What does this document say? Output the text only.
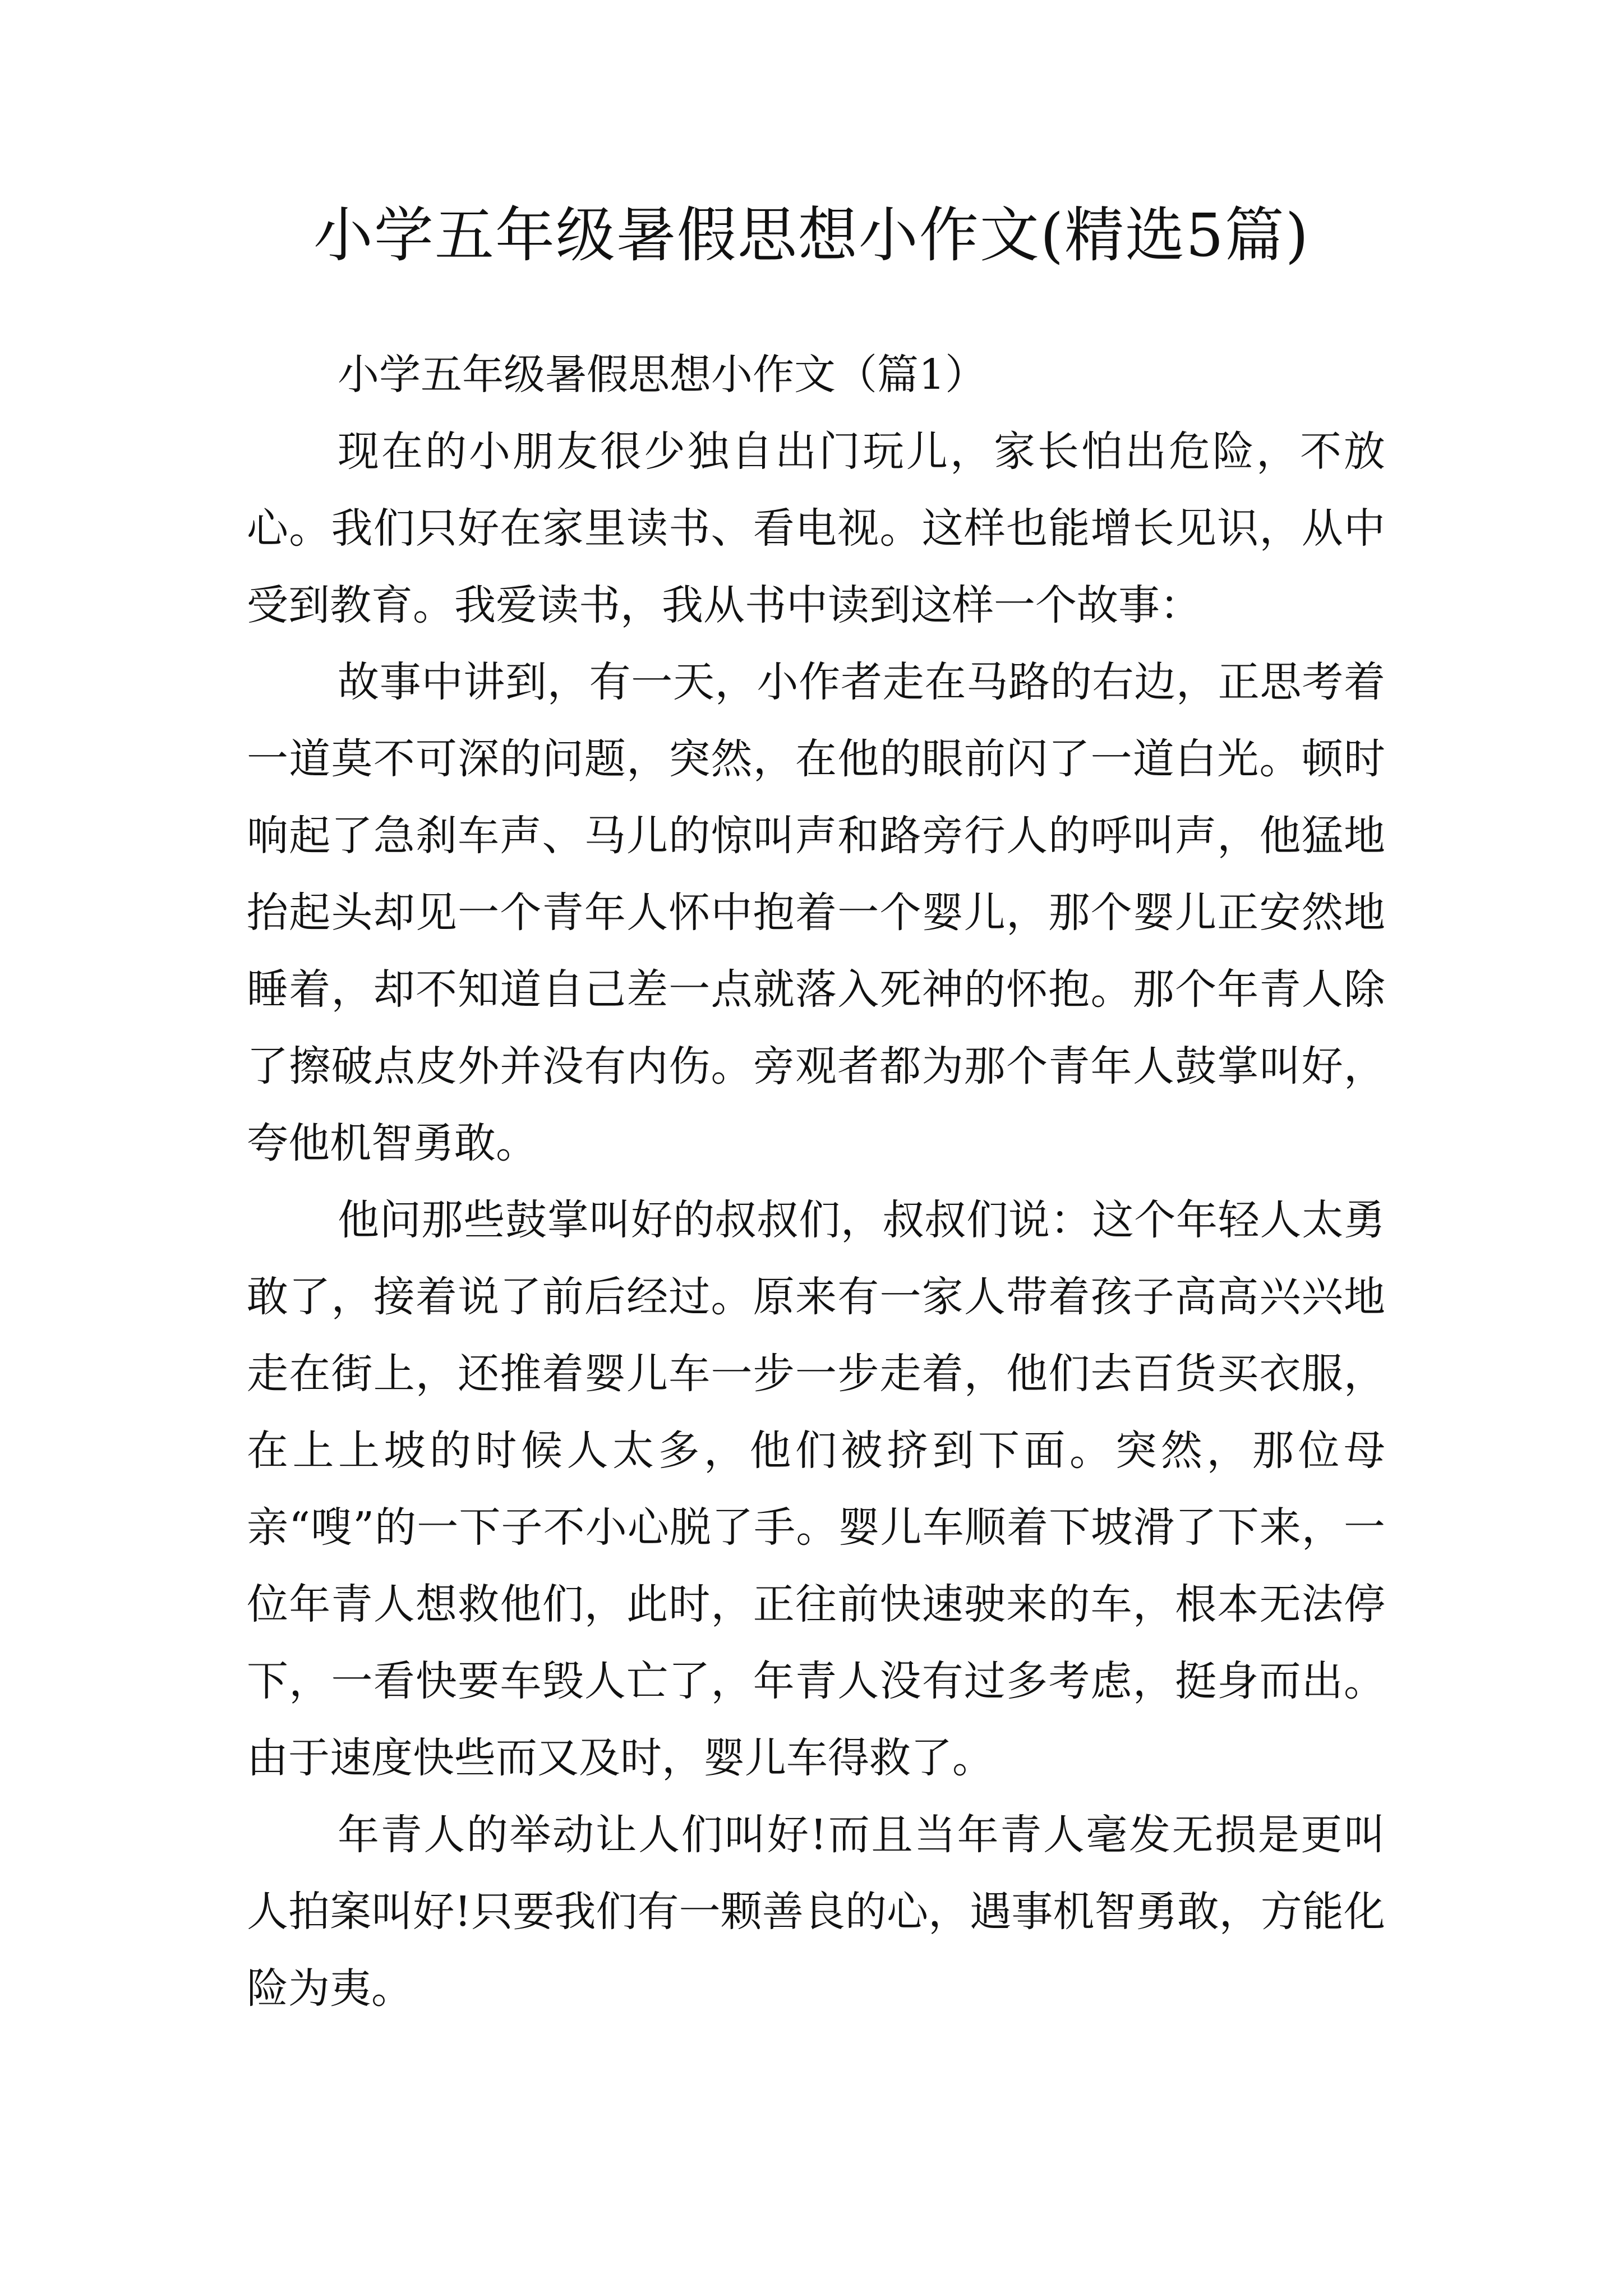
小学五年级暑假思想小作文(精选5篇)

小学五年级暑假思想小作文（篇1）

现在的小朋友很少独自出门玩儿，家长怕出危险，不放心。我们只好在家里读书、看电视。这样也能增长见识，从中受到教育。我爱读书，我从书中读到这样一个故事：

故事中讲到，有一天，小作者走在马路的右边，正思考着一道莫不可深的问题，突然，在他的眼前闪了一道白光。顿时响起了急刹车声、马儿的惊叫声和路旁行人的呼叫声，他猛地抬起头却见一个青年人怀中抱着一个婴儿，那个婴儿正安然地睡着，却不知道自己差一点就落入死神的怀抱。那个年青人除了擦破点皮外并没有内伤。旁观者都为那个青年人鼓掌叫好，夸他机智勇敢。

他问那些鼓掌叫好的叔叔们，叔叔们说：这个年轻人太勇敢了，接着说了前后经过。原来有一家人带着孩子高高兴兴地走在街上，还推着婴儿车一步一步走着，他们去百货买衣服，在上上坡的时候人太多，他们被挤到下面。突然，那位母亲“嗖”的一下子不小心脱了手。婴儿车顺着下坡滑了下来，一位年青人想救他们，此时，正往前快速驶来的车，根本无法停下，一看快要车毁人亡了，年青人没有过多考虑，挺身而出。由于速度快些而又及时，婴儿车得救了。

年青人的举动让人们叫好!而且当年青人毫发无损是更叫人拍案叫好!只要我们有一颗善良的心，遇事机智勇敢，方能化险为夷。
